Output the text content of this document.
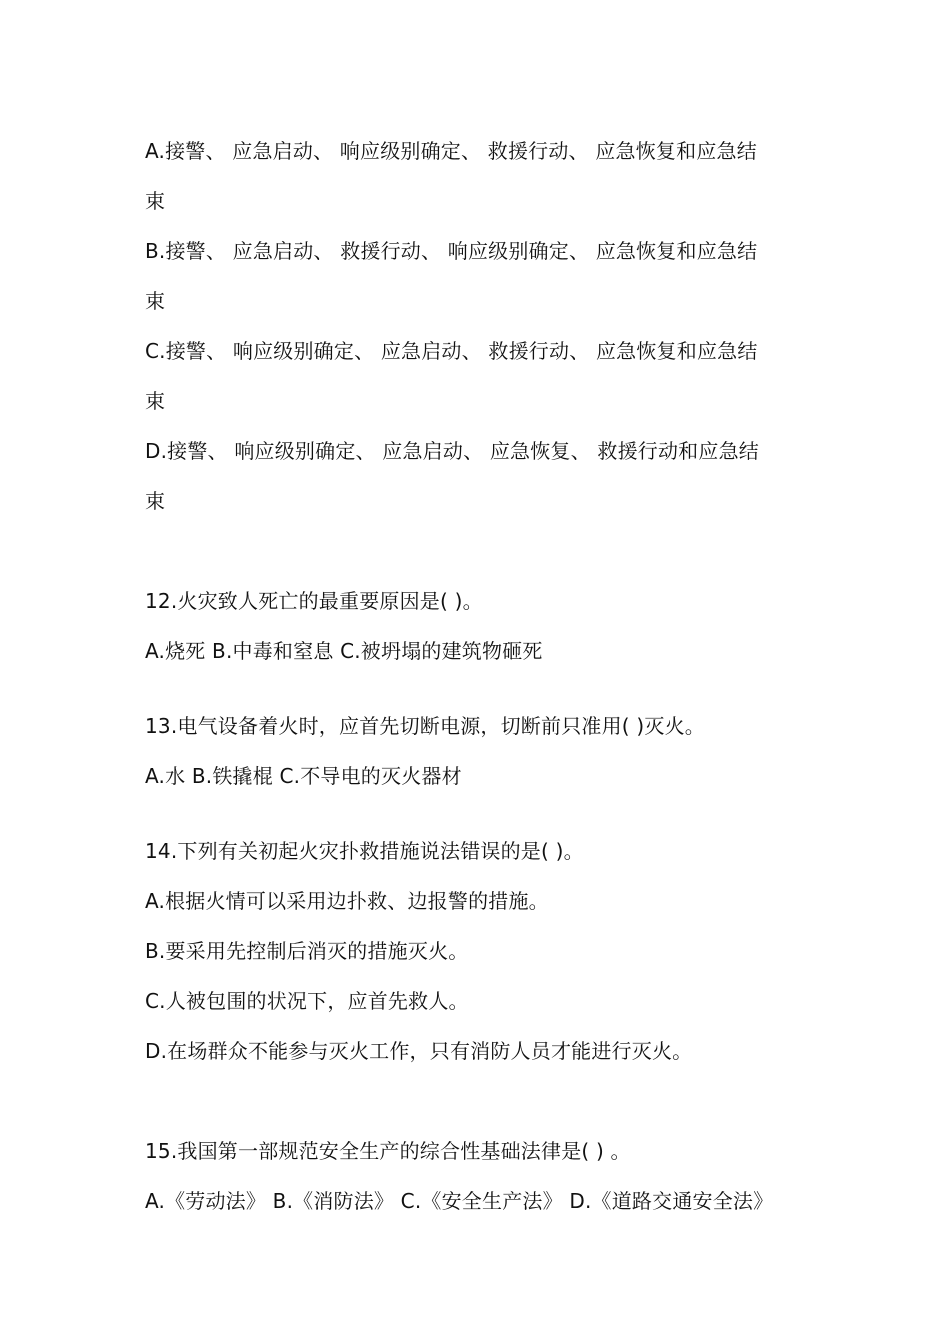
A.接警、 应急启动、 响应级别确定、 救援行动、 应急恢复和应急结
束
B.接警、 应急启动、 救援行动、 响应级别确定、 应急恢复和应急结
束
C.接警、 响应级别确定、 应急启动、 救援行动、 应急恢复和应急结
束
D.接警、 响应级别确定、 应急启动、 应急恢复、 救援行动和应急结
束
12.火灾致人死亡的最重要原因是( )。
A.烧死 B.中毒和窒息 C.被坍塌的建筑物砸死
13.电气设备着火时，应首先切断电源，切断前只准用( )灭火。
A.水 B.铁撬棍 C.不导电的灭火器材
14.下列有关初起火灾扑救措施说法错误的是( )。
A.根据火情可以采用边扑救、边报警的措施。
B.要采用先控制后消灭的措施灭火。
C.人被包围的状况下，应首先救人。
D.在场群众不能参与灭火工作，只有消防人员才能进行灭火。
15.我国第一部规范安全生产的综合性基础法律是( ) 。
A.《劳动法》 B.《消防法》 C.《安全生产法》 D.《道路交通安全法》
